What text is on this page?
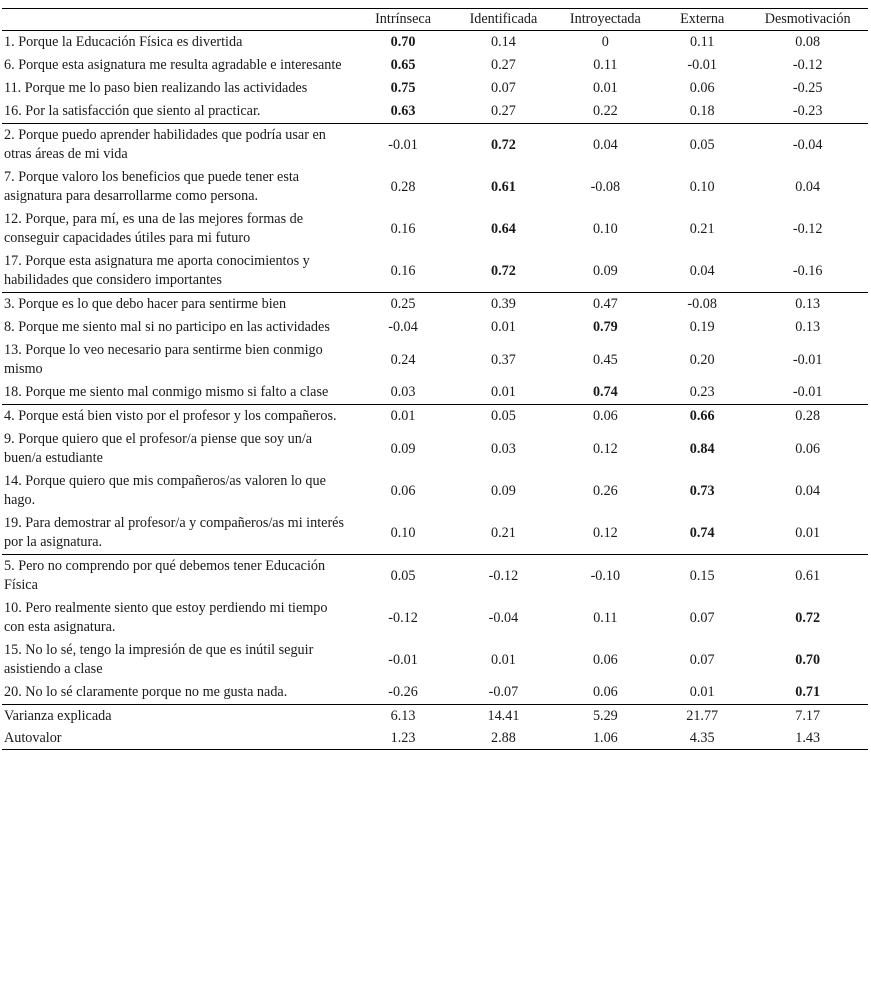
	Intrínseca	Identificada	Introyectada	Externa	Desmotivación
1. Porque la Educación Física es divertida	0.70	0.14	0	0.11	0.08
6. Porque esta asignatura me resulta agradable e interesante	0.65	0.27	0.11	-0.01	-0.12
11. Porque me lo paso bien realizando las actividades	0.75	0.07	0.01	0.06	-0.25
16. Por la satisfacción que siento al practicar.	0.63	0.27	0.22	0.18	-0.23
2. Porque puedo aprender habilidades que podría usar en otras áreas de mi vida	-0.01	0.72	0.04	0.05	-0.04
7. Porque valoro los beneficios que puede tener esta asignatura para desarrollarme como persona.	0.28	0.61	-0.08	0.10	0.04
12. Porque, para mí, es una de las mejores formas de conseguir capacidades útiles para mi futuro	0.16	0.64	0.10	0.21	-0.12
17. Porque esta asignatura me aporta conocimientos y habilidades que considero importantes	0.16	0.72	0.09	0.04	-0.16
3. Porque es lo que debo hacer para sentirme bien	0.25	0.39	0.47	-0.08	0.13
8. Porque me siento mal si no participo en las actividades	-0.04	0.01	0.79	0.19	0.13
13. Porque lo veo necesario para sentirme bien conmigo mismo	0.24	0.37	0.45	0.20	-0.01
18. Porque me siento mal conmigo mismo si falto a clase	0.03	0.01	0.74	0.23	-0.01
4. Porque está bien visto por el profesor y los compañeros.	0.01	0.05	0.06	0.66	0.28
9. Porque quiero que el profesor/a piense que soy un/a buen/a estudiante	0.09	0.03	0.12	0.84	0.06
14. Porque quiero que mis compañeros/as valoren lo que hago.	0.06	0.09	0.26	0.73	0.04
19. Para demostrar al profesor/a y compañeros/as mi interés por la asignatura.	0.10	0.21	0.12	0.74	0.01
5. Pero no comprendo por qué debemos tener Educación Física	0.05	-0.12	-0.10	0.15	0.61
10. Pero realmente siento que estoy perdiendo mi tiempo con esta asignatura.	-0.12	-0.04	0.11	0.07	0.72
15. No lo sé, tengo la impresión de que es inútil seguir asistiendo a clase	-0.01	0.01	0.06	0.07	0.70
20. No lo sé claramente porque no me gusta nada.	-0.26	-0.07	0.06	0.01	0.71
Varianza explicada	6.13	14.41	5.29	21.77	7.17
Autovalor	1.23	2.88	1.06	4.35	1.43
